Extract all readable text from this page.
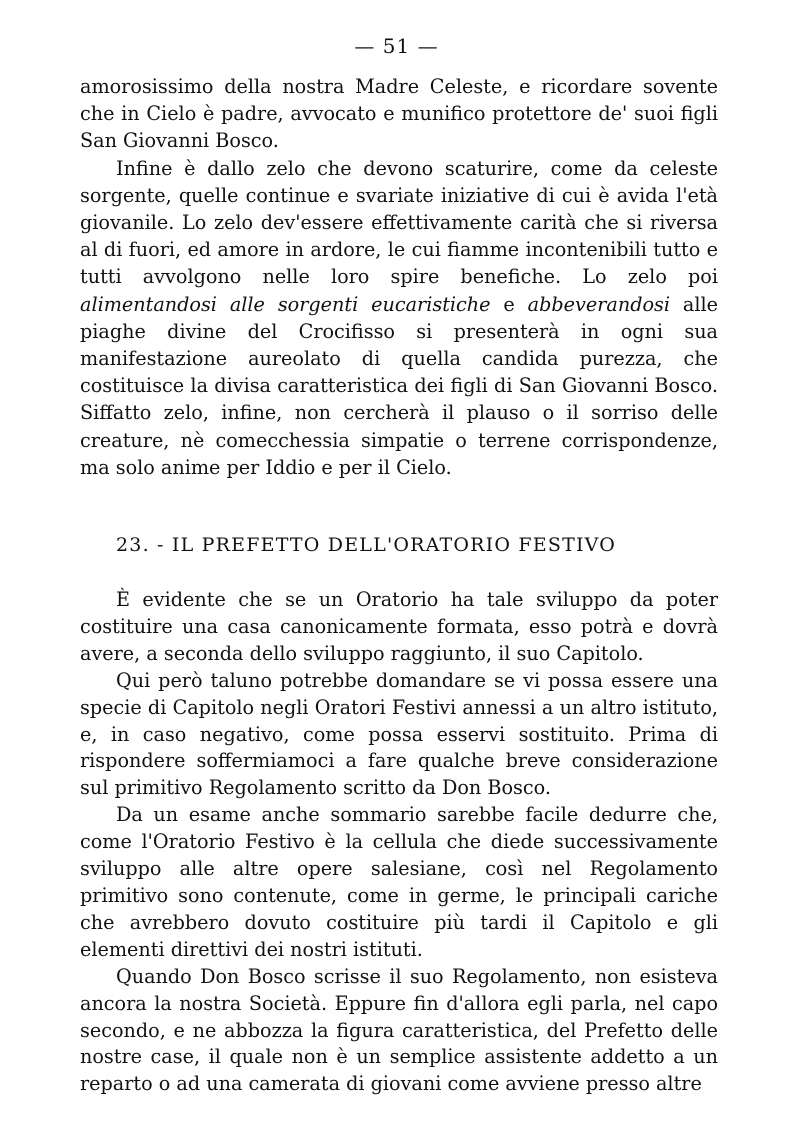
— 51 —

amorosissimo della nostra Madre Celeste, e ricordare sovente che in Cielo è padre, avvocato e munifico protettore de' suoi figli San Giovanni Bosco.

Infine è dallo zelo che devono scaturire, come da celeste sorgente, quelle continue e svariate iniziative di cui è avida l'età giovanile. Lo zelo dev'essere effettivamente carità che si riversa al di fuori, ed amore in ardore, le cui fiamme incontenibili tutto e tutti avvolgono nelle loro spire benefiche. Lo zelo poi alimentandosi alle sorgenti eucaristiche e abbeverandosi alle piaghe divine del Crocifisso si presenterà in ogni sua manifestazione aureolato di quella candida purezza, che costituisce la divisa caratteristica dei figli di San Giovanni Bosco. Siffatto zelo, infine, non cercherà il plauso o il sorriso delle creature, nè comecchessia simpatie o terrene corrispondenze, ma solo anime per Iddio e per il Cielo.

23. - IL PREFETTO DELL'ORATORIO FESTIVO

È evidente che se un Oratorio ha tale sviluppo da poter costituire una casa canonicamente formata, esso potrà e dovrà avere, a seconda dello sviluppo raggiunto, il suo Capitolo.

Qui però taluno potrebbe domandare se vi possa essere una specie di Capitolo negli Oratori Festivi annessi a un altro istituto, e, in caso negativo, come possa esservi sostituito. Prima di rispondere soffermiamoci a fare qualche breve considerazione sul primitivo Regolamento scritto da Don Bosco.

Da un esame anche sommario sarebbe facile dedurre che, come l'Oratorio Festivo è la cellula che diede successivamente sviluppo alle altre opere salesiane, così nel Regolamento primitivo sono contenute, come in germe, le principali cariche che avrebbero dovuto costituire più tardi il Capitolo e gli elementi direttivi dei nostri istituti.

Quando Don Bosco scrisse il suo Regolamento, non esisteva ancora la nostra Società. Eppure fin d'allora egli parla, nel capo secondo, e ne abbozza la figura caratteristica, del Prefetto delle nostre case, il quale non è un semplice assistente addetto a un reparto o ad una camerata di giovani come avviene presso altre
